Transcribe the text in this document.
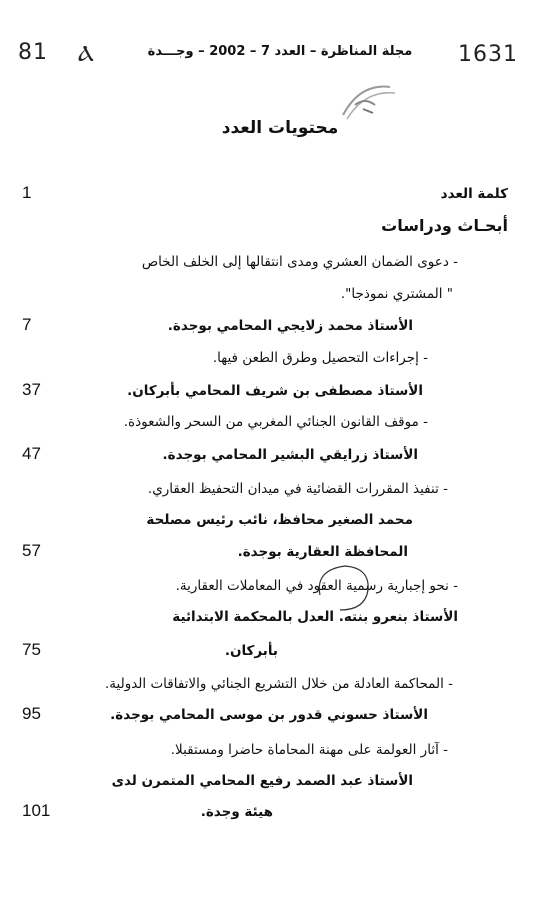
81 Ⲁ	1631
مجلة المناظرة – العدد 7 – 2002 – وجـــدة
محتويات العدد
كلمة العدد
1
أبحـاث ودراسات
- دعوى الضمان العشري ومدى انتقالها إلى الخلف الخاص
" المشتري نموذجا".
الأستاذ محمد زلايجي المحامي بوجدة.
7
- إجراءات التحصيل وطرق الطعن فيها.
الأستاذ مصطفى بن شريف المحامي بأبركان.
37
- موقف القانون الجنائي المغربي من السحر والشعوذة.
الأستاذ زرايقي البشير المحامي بوجدة.
47
- تنفيذ المقررات القضائية في ميدان التحفيظ العقاري.
محمد الصغير محافظ، نائب رئيس مصلحة
المحافظة العقارية بوجدة.
57
- نحو إجبارية رسمية العقود في المعاملات العقارية.
الأستاذ بنعرو بنته. العدل بالمحكمة الابتدائية
بأبركان.
75
- المحاكمة العادلة من خلال التشريع الجنائي والاتفاقات الدولية.
الأستاذ حسوني قدور بن موسى المحامي بوجدة.
95
- آثار العولمة على مهنة المحاماة حاضرا ومستقبلا.
الأستاذ عبد الصمد رفيع المحامي المتمرن لدى
هيئة وجدة.
101
